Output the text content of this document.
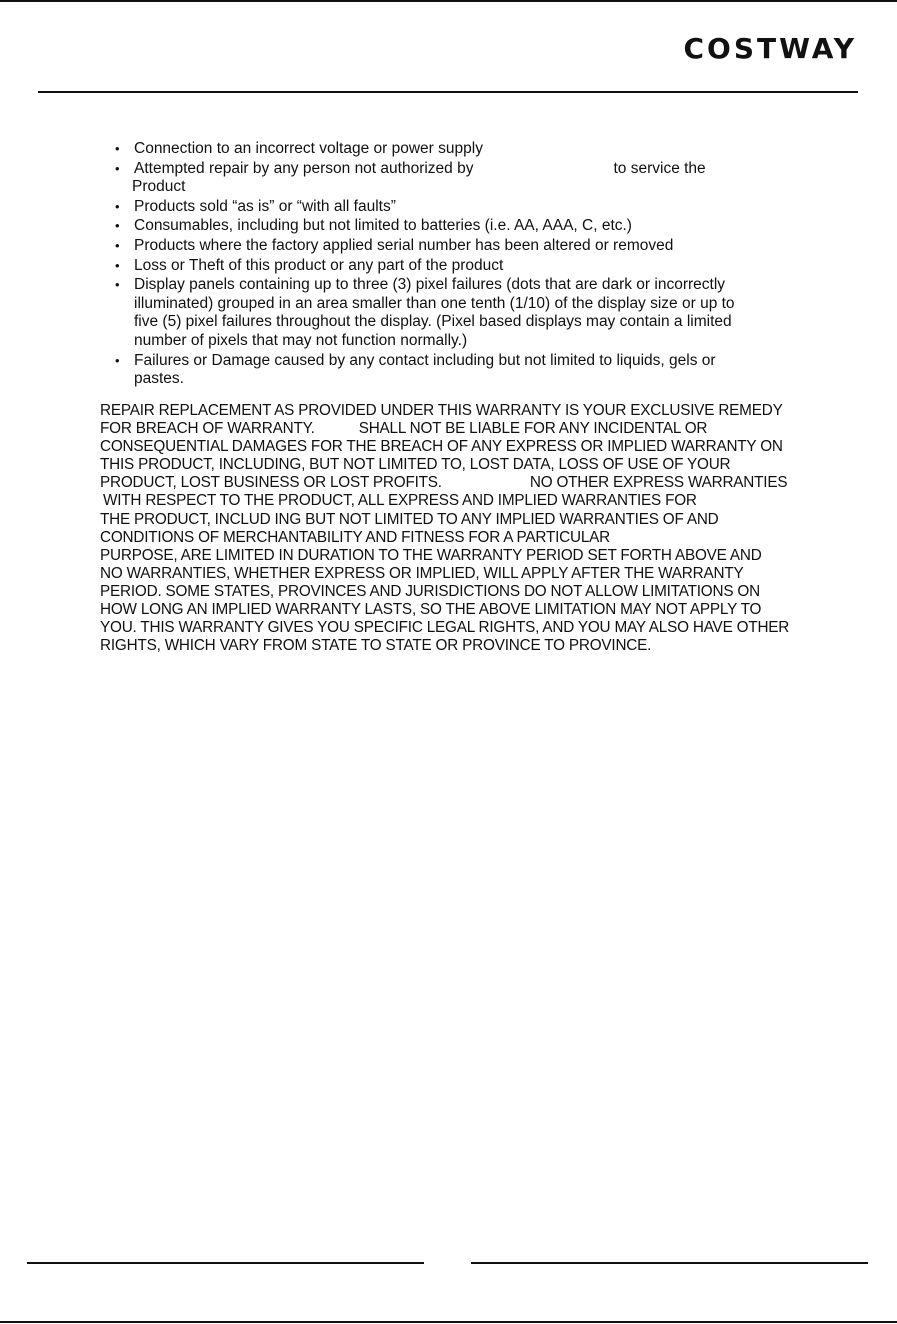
COSTWAY
• Connection to an incorrect voltage or power supply
• Attempted repair by any person not authorized by	to service the
Product
• Products sold “as is” or “with all faults”
• Consumables, including but not limited to batteries (i.e. AA, AAA, C, etc.)
• Products where the factory applied serial number has been altered or removed
• Loss or Theft of this product or any part of the product
• Display panels containing up to three (3) pixel failures (dots that are dark or incorrectly
illuminated) grouped in an area smaller than one tenth (1/10) of the display size or up to
five (5) pixel failures throughout the display. (Pixel based displays may contain a limited
number of pixels that may not function normally.)
• Failures or Damage caused by any contact including but not limited to liquids, gels or
pastes.

REPAIR REPLACEMENT AS PROVIDED UNDER THIS WARRANTY IS YOUR EXCLUSIVE REMEDY

FOR BREACH OF WARRANTY.	SHALL NOT BE LIABLE FOR ANY INCIDENTAL OR

CONSEQUENTIAL DAMAGES FOR THE BREACH OF ANY EXPRESS OR IMPLIED WARRANTY ON

THIS PRODUCT, INCLUDING, BUT NOT LIMITED TO, LOST DATA, LOSS OF USE OF YOUR

PRODUCT, LOST BUSINESS OR LOST PROFITS.	NO OTHER EXPRESS WARRANTIES

WITH RESPECT TO THE PRODUCT, ALL EXPRESS AND IMPLIED WARRANTIES FOR

THE PRODUCT, INCLUD ING BUT NOT LIMITED TO ANY IMPLIED WARRANTIES OF AND

CONDITIONS OF MERCHANTABILITY AND FITNESS FOR A PARTICULAR

PURPOSE, ARE LIMITED IN DURATION TO THE WARRANTY PERIOD SET FORTH ABOVE AND

NO WARRANTIES, WHETHER EXPRESS OR IMPLIED, WILL APPLY AFTER THE WARRANTY

PERIOD. SOME STATES, PROVINCES AND JURISDICTIONS DO NOT ALLOW LIMITATIONS ON

HOW LONG AN IMPLIED WARRANTY LASTS, SO THE ABOVE LIMITATION MAY NOT APPLY TO

YOU. THIS WARRANTY GIVES YOU SPECIFIC LEGAL RIGHTS, AND YOU MAY ALSO HAVE OTHER

RIGHTS, WHICH VARY FROM STATE TO STATE OR PROVINCE TO PROVINCE.
